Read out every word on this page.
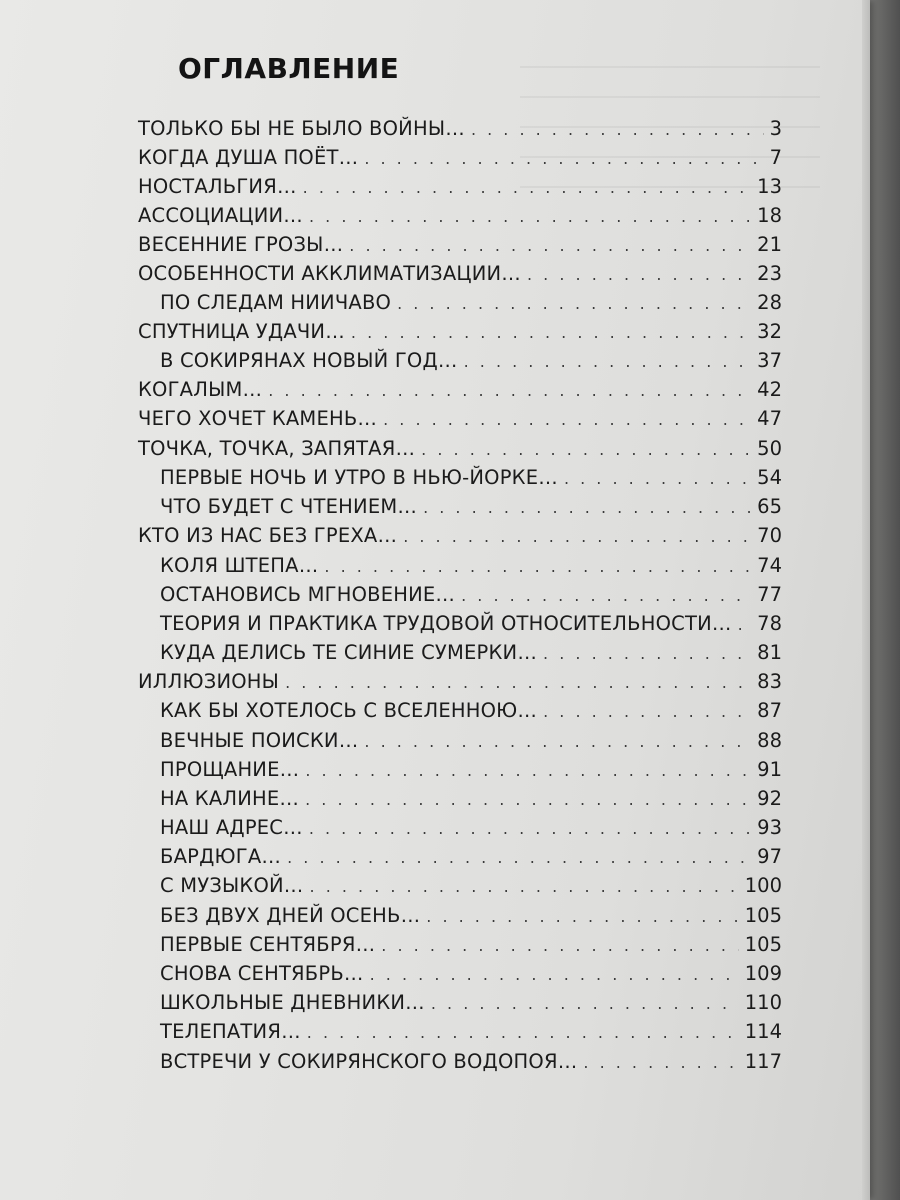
ОГЛАВЛЕНИЕ
ТОЛЬКО БЫ НЕ БЫЛО ВОЙНЫ… . . .	3
КОГДА ДУША ПОЁТ… . . .	7
НОСТАЛЬГИЯ… . . .	13
АССОЦИАЦИИ… . . .	18
ВЕСЕННИЕ ГРОЗЫ… . . .	21
ОСОБЕННОСТИ АККЛИМАТИЗАЦИИ… . . .	23
ПО СЛЕДАМ НИИЧАВО . . .	28
СПУТНИЦА УДАЧИ… . . .	32
В СОКИРЯНАХ НОВЫЙ ГОД… . . .	37
КОГАЛЫМ… . . .	42
ЧЕГО ХОЧЕТ КАМЕНЬ… . . .	47
ТОЧКА, ТОЧКА, ЗАПЯТАЯ… . . .	50
ПЕРВЫЕ НОЧЬ И УТРО В НЬЮ-ЙОРКЕ… . . .	54
ЧТО БУДЕТ С ЧТЕНИЕМ… . . .	65
КТО ИЗ НАС БЕЗ ГРЕХА… . . .	70
КОЛЯ ШТЕПА… . . .	74
ОСТАНОВИСЬ МГНОВЕНИЕ… . . .	77
ТЕОРИЯ И ПРАКТИКА ТРУДОВОЙ ОТНОСИТЕЛЬНОСТИ… . . . 78
КУДА ДЕЛИСЬ ТЕ СИНИЕ СУМЕРКИ… . . .	81
ИЛЛЮЗИОНЫ . . .	83
КАК БЫ ХОТЕЛОСЬ С ВСЕЛЕННОЮ… . . .	87
ВЕЧНЫЕ ПОИСКИ… . . .	88
ПРОЩАНИЕ… . . .	91
НА КАЛИНЕ… . . .	92
НАШ АДРЕС… . . .	93
БАРДЮГА… . . .	97
С МУЗЫКОЙ… . . .	100
БЕЗ ДВУХ ДНЕЙ ОСЕНЬ… . . .	105
ПЕРВЫЕ СЕНТЯБРЯ… . . .	105
СНОВА СЕНТЯБРЬ… . . .	109
ШКОЛЬНЫЕ ДНЕВНИКИ… . . .	110
ТЕЛЕПАТИЯ… . . .	114
ВСТРЕЧИ У СОКИРЯНСКОГО ВОДОПОЯ… . . .	117
